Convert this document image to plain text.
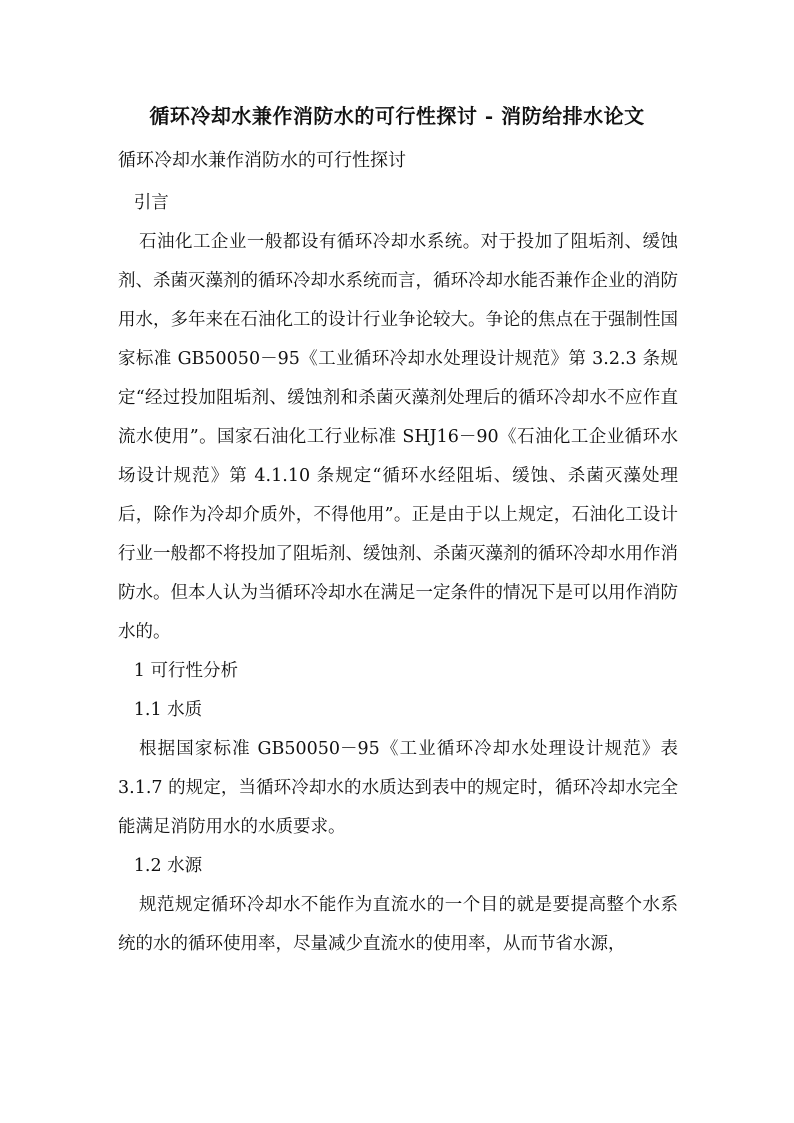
循环冷却水兼作消防水的可行性探讨 - 消防给排水论文
循环冷却水兼作消防水的可行性探讨

引言

石油化工企业一般都设有循环冷却水系统。对于投加了阻垢剂、缓蚀剂、杀菌灭藻剂的循环冷却水系统而言，循环冷却水能否兼作企业的消防用水，多年来在石油化工的设计行业争论较大。争论的焦点在于强制性国家标准 GB50050－95《工业循环冷却水处理设计规范》第 3.2.3 条规定“经过投加阻垢剂、缓蚀剂和杀菌灭藻剂处理后的循环冷却水不应作直流水使用”。国家石油化工行业标准 SHJ16－90《石油化工企业循环水场设计规范》第 4.1.10 条规定“循环水经阻垢、缓蚀、杀菌灭藻处理后，除作为冷却介质外，不得他用”。正是由于以上规定，石油化工设计行业一般都不将投加了阻垢剂、缓蚀剂、杀菌灭藻剂的循环冷却水用作消防水。但本人认为当循环冷却水在满足一定条件的情况下是可以用作消防水的。

1 可行性分析

1.1 水质

根据国家标准 GB50050－95《工业循环冷却水处理设计规范》表 3.1.7 的规定，当循环冷却水的水质达到表中的规定时，循环冷却水完全能满足消防用水的水质要求。

1.2 水源

规范规定循环冷却水不能作为直流水的一个目的就是要提高整个水系统的水的循环使用率，尽量减少直流水的使用率，从而节省水源，
